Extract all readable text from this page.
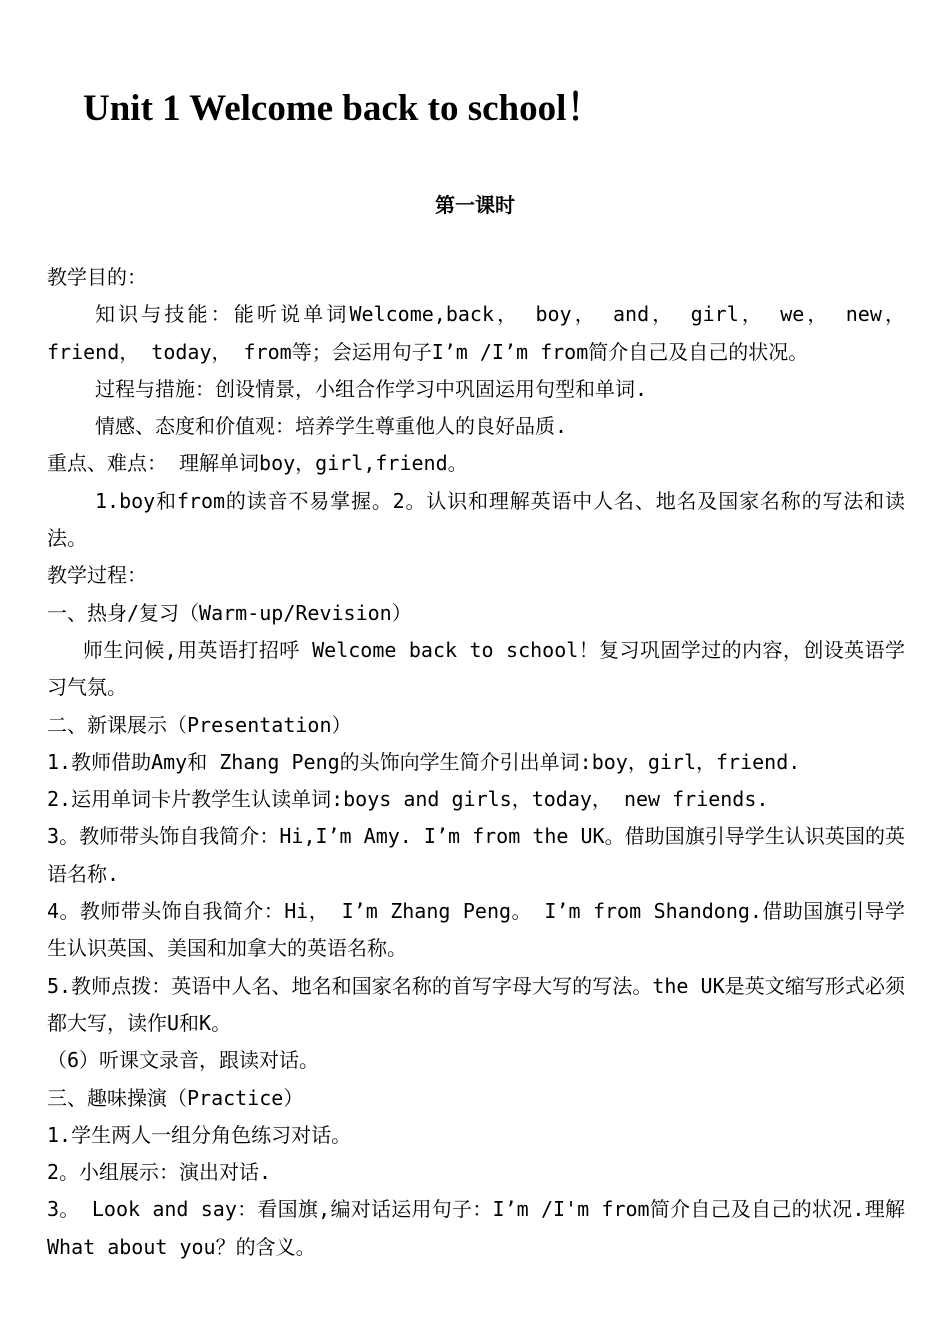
Unit 1 Welcome back to school！
第一课时

教学目的：

知识与技能：能听说单词Welcome,back， boy， and， girl， we， new， friend， today， from等；会运用句子I’m /I’m from简介自己及自己的状况。

过程与措施：创设情景，小组合作学习中巩固运用句型和单词.

情感、态度和价值观：培养学生尊重他人的良好品质.

重点、难点： 理解单词boy，girl,friend。

1.boy和from的读音不易掌握。2。认识和理解英语中人名、地名及国家名称的写法和读法。

教学过程：

一、热身/复习（Warm-up/Revision）

师生问候,用英语打招呼 Welcome back to school！复习巩固学过的内容，创设英语学习气氛。

二、新课展示（Presentation）

1.教师借助Amy和 Zhang Peng的头饰向学生简介引出单词:boy，girl，friend.

2.运用单词卡片教学生认读单词:boys and girls，today， new friends.

3。教师带头饰自我简介：Hi,I’m Amy. I’m from the UK。借助国旗引导学生认识英国的英语名称.

4。教师带头饰自我简介：Hi， I’m Zhang Peng。 I’m from Shandong.借助国旗引导学生认识英国、美国和加拿大的英语名称。

5.教师点拨：英语中人名、地名和国家名称的首写字母大写的写法。the UK是英文缩写形式必须都大写，读作U和K。

（6）听课文录音，跟读对话。

三、趣味操演（Practice）

1.学生两人一组分角色练习对话。

2。小组展示：演出对话.

3。 Look and say：看国旗,编对话运用句子：I’m /I'm from简介自己及自己的状况.理解What about you？的含义。
